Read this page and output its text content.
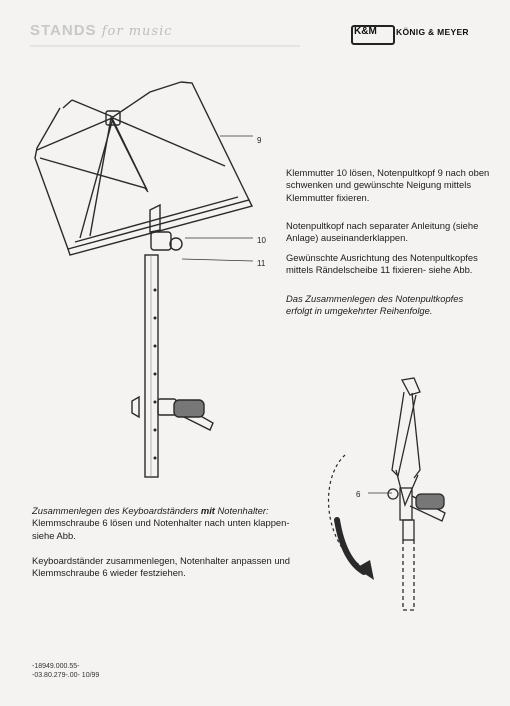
STANDS for music	K&M KÖNIG & MEYER
9
10
11
6
Klemmutter 10 lösen, Notenpultkopf 9 nach oben schwenken und gewünschte Neigung mittels Klemmutter fixieren.
Notenpultkopf nach separater Anleitung (siehe Anlage) auseinanderklappen.
Gewünschte Ausrichtung des Notenpultkopfes mittels Rändelscheibe 11 fixieren- siehe Abb.
Das Zusammenlegen des Notenpultkopfes erfolgt in umgekehrter Reihenfolge.
Zusammenlegen des Keyboardständers mit Notenhalter:
Klemmschraube 6 lösen und Notenhalter nach unten klappen- siehe Abb.
Keyboardständer zusammenlegen, Notenhalter anpassen und Klemmschraube 6 wieder festziehen.
-18949.000.55-
-03.80.279-.00- 10/99
